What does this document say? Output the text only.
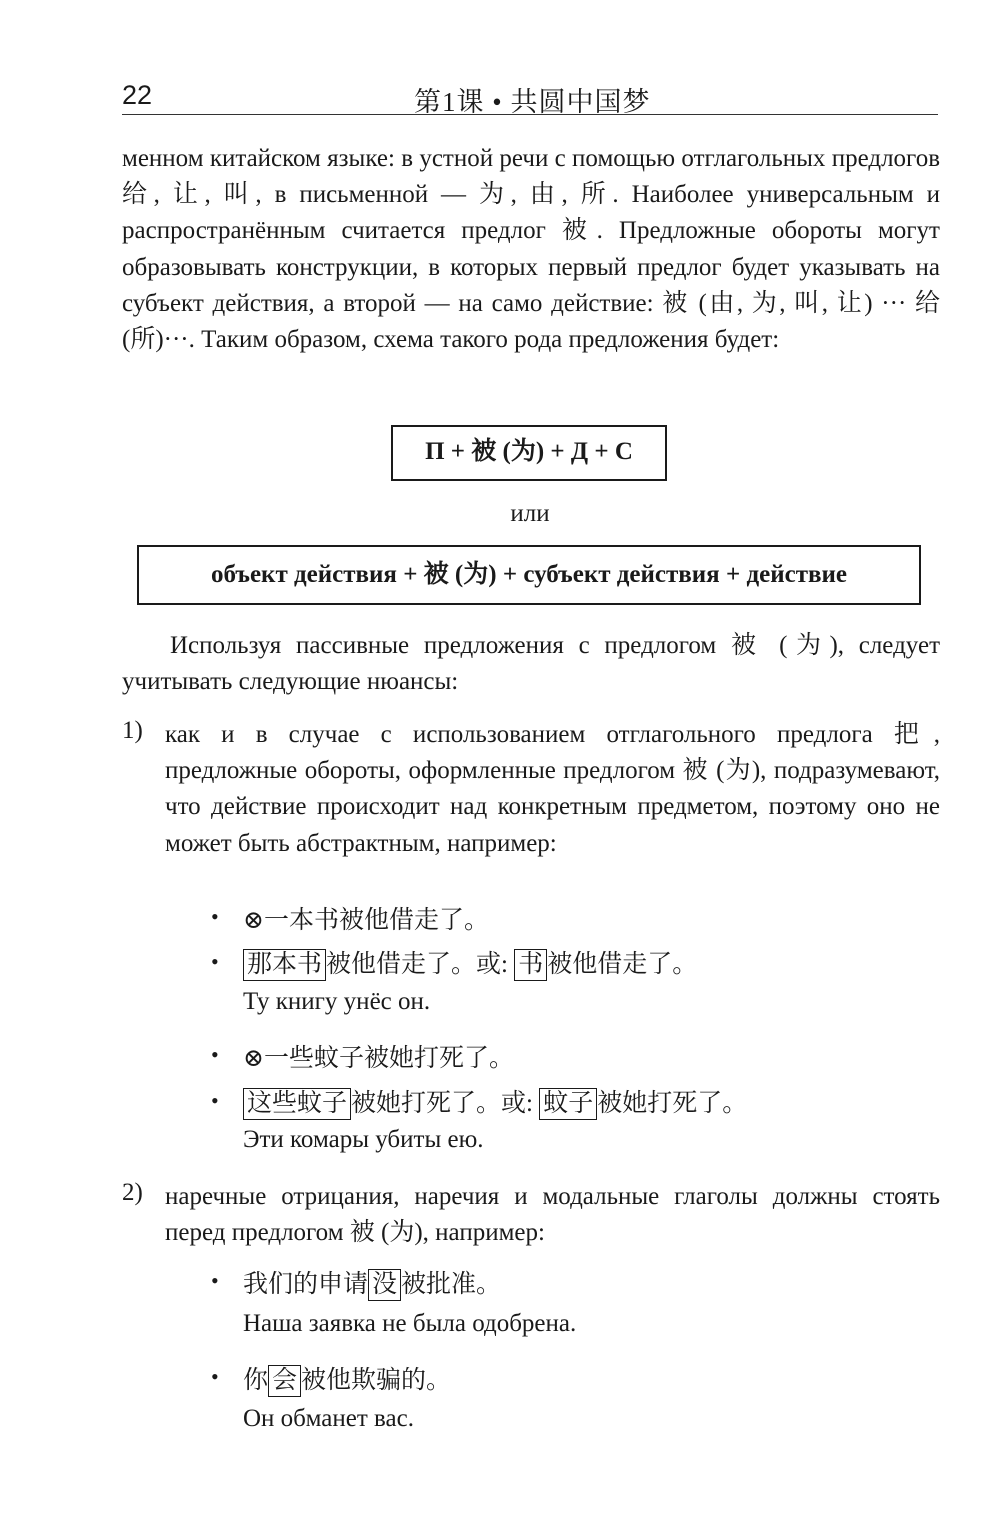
22	第1课 • 共圆中国梦

менном китайском языке: в устной речи с помощью отглагольных предлогов 给, 让, 叫, в письменной — 为, 由, 所. Наиболее универсальным и распространённым считается предлог 被. Предложные обороты могут образовывать конструкции, в которых первый предлог будет указывать на субъект действия, а второй — на само действие: 被 (由, 为, 叫, 让) ··· 给 (所)···. Таким образом, схема такого рода предложения будет:

П + 被 (为) + Д + С
или
объект действия + 被 (为) + субъект действия + действие

Используя пассивные предложения с предлогом 被 (为), следует учитывать следующие нюансы:

1) как и в случае с использованием отглагольного предлога 把, предложные обороты, оформленные предлогом 被 (为), подразумевают, что действие происходит над конкретным предметом, поэтому оно не может быть абстрактным, например:

• ⊗一本书被他借走了。
• 那本书 被他借走了。或: 书 被他借走了。
Ту книгу унёс он.
• ⊗一些蚊子被她打死了。
• 这些蚊子 被她打死了。或: 蚊子 被她打死了。
Эти комары убиты ею.
2) наречные отрицания, наречия и модальные глаголы должны стоять перед предлогом 被 (为), например:

• 我们的申请 没 被批准。
Наша заявка не была одобрена.
• 你 会 被他欺骗的。
Он обманет вас.
